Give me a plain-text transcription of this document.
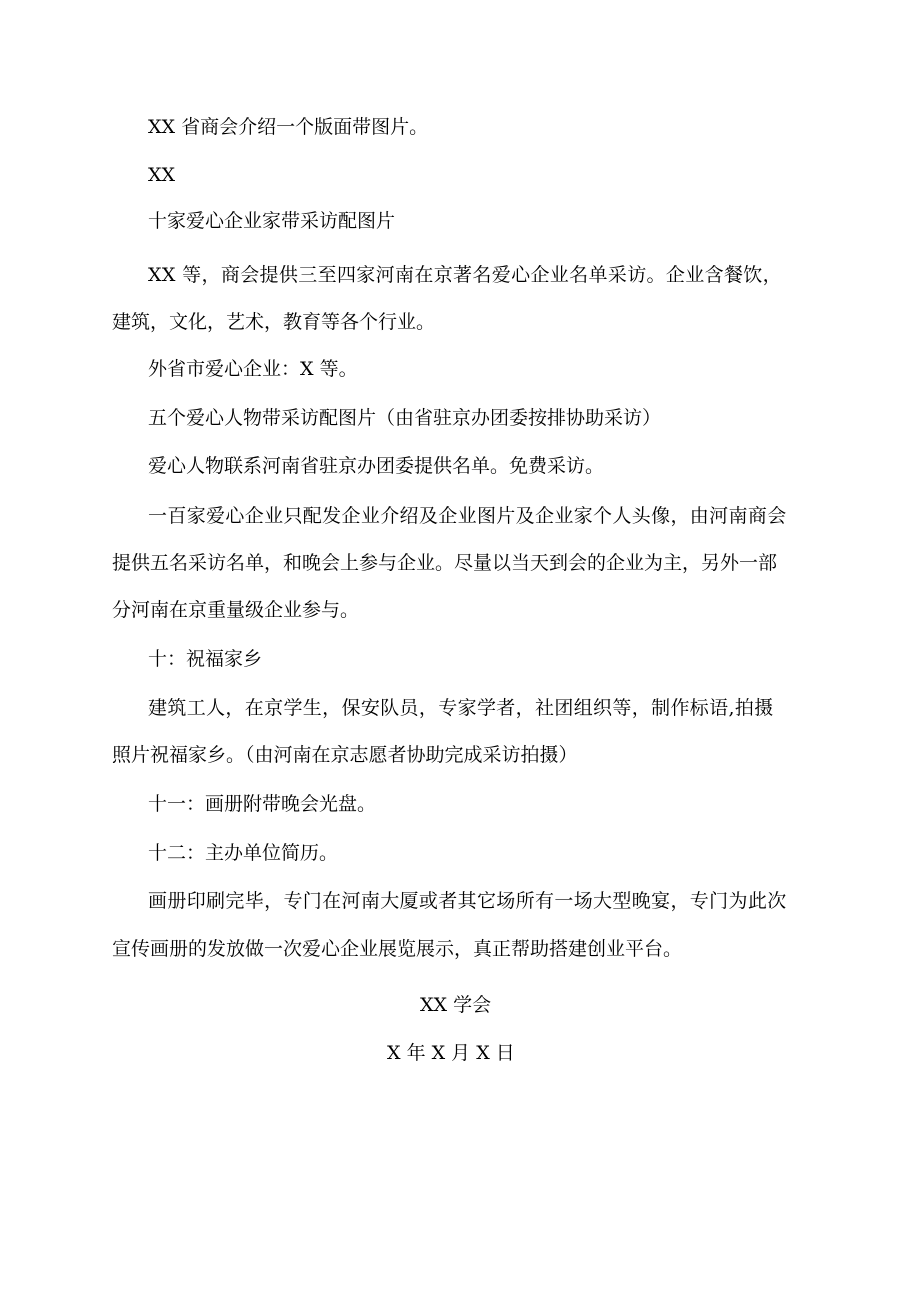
XX 省商会介绍一个版面带图片。
XX
十家爱心企业家带采访配图片
XX 等，商会提供三至四家河南在京著名爱心企业名单采访。企业含餐饮，
建筑，文化，艺术，教育等各个行业。
外省市爱心企业：X 等。
五个爱心人物带采访配图片（由省驻京办团委按排协助采访）
爱心人物联系河南省驻京办团委提供名单。免费采访。
一百家爱心企业只配发企业介绍及企业图片及企业家个人头像，由河南商会
提供五名采访名单，和晚会上参与企业。尽量以当天到会的企业为主，另外一部
分河南在京重量级企业参与。
十：祝福家乡
建筑工人，在京学生，保安队员，专家学者，社团组织等，制作标语,拍摄
照片祝福家乡。（由河南在京志愿者协助完成采访拍摄）
十一：画册附带晚会光盘。
十二：主办单位简历。
画册印刷完毕，专门在河南大厦或者其它场所有一场大型晚宴，专门为此次
宣传画册的发放做一次爱心企业展览展示，真正帮助搭建创业平台。
XX 学会
X 年 X 月 X 日
